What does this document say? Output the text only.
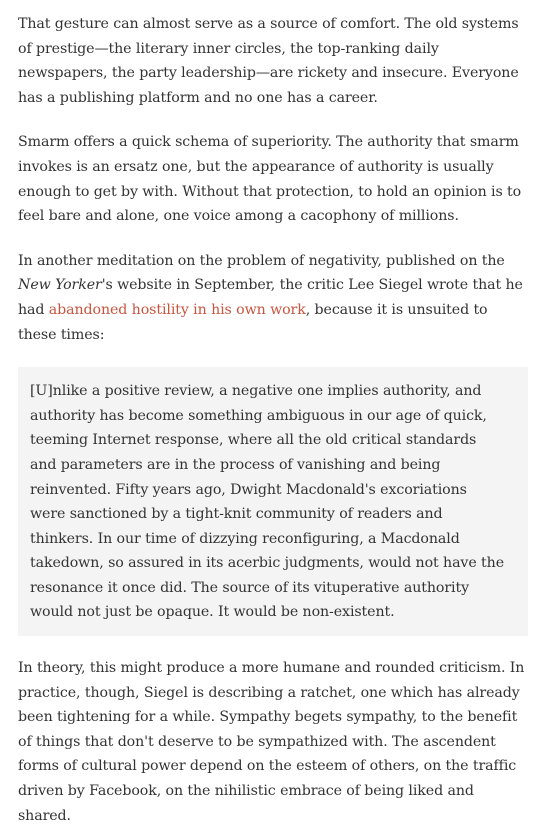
That gesture can almost serve as a source of comfort. The old systems of prestige—the literary inner circles, the top-ranking daily newspapers, the party leadership—are rickety and insecure. Everyone has a publishing platform and no one has a career.

Smarm offers a quick schema of superiority. The authority that smarm invokes is an ersatz one, but the appearance of authority is usually enough to get by with. Without that protection, to hold an opinion is to feel bare and alone, one voice among a cacophony of millions.

In another meditation on the problem of negativity, published on the New Yorker's website in September, the critic Lee Siegel wrote that he had abandoned hostility in his own work, because it is unsuited to these times:

[U]nlike a positive review, a negative one implies authority, and authority has become something ambiguous in our age of quick, teeming Internet response, where all the old critical standards and parameters are in the process of vanishing and being reinvented. Fifty years ago, Dwight Macdonald's excoriations were sanctioned by a tight-knit community of readers and thinkers. In our time of dizzying reconfiguring, a Macdonald takedown, so assured in its acerbic judgments, would not have the resonance it once did. The source of its vituperative authority would not just be opaque. It would be non-existent.

In theory, this might produce a more humane and rounded criticism. In practice, though, Siegel is describing a ratchet, one which has already been tightening for a while. Sympathy begets sympathy, to the benefit of things that don't deserve to be sympathized with. The ascendent forms of cultural power depend on the esteem of others, on the traffic driven by Facebook, on the nihilistic embrace of being liked and shared.
